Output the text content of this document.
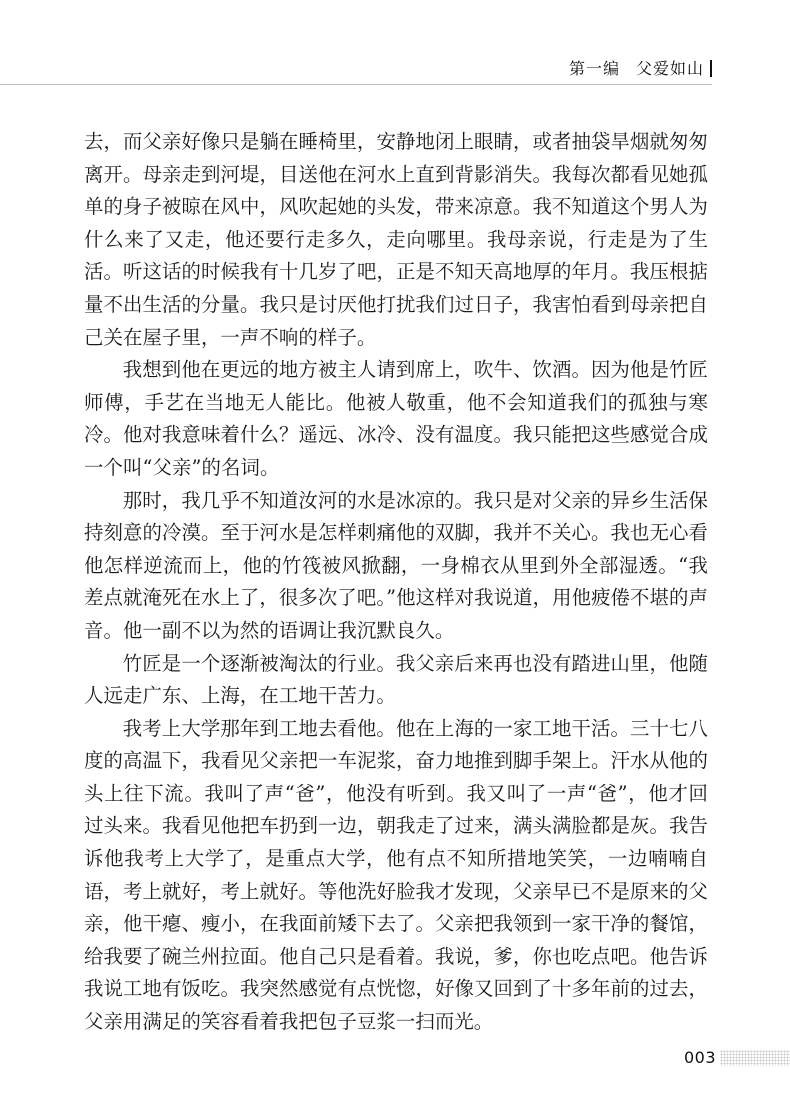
第一编 父爱如山

去，而父亲好像只是躺在睡椅里，安静地闭上眼睛，或者抽袋旱烟就匆匆离开。母亲走到河堤，目送他在河水上直到背影消失。我每次都看见她孤单的身子被晾在风中，风吹起她的头发，带来凉意。我不知道这个男人为什么来了又走，他还要行走多久，走向哪里。我母亲说，行走是为了生活。听这话的时候我有十几岁了吧，正是不知天高地厚的年月。我压根掂量不出生活的分量。我只是讨厌他打扰我们过日子，我害怕看到母亲把自己关在屋子里，一声不响的样子。

我想到他在更远的地方被主人请到席上，吹牛、饮酒。因为他是竹匠师傅，手艺在当地无人能比。他被人敬重，他不会知道我们的孤独与寒冷。他对我意味着什么？遥远、冰冷、没有温度。我只能把这些感觉合成一个叫“父亲”的名词。

那时，我几乎不知道汝河的水是冰凉的。我只是对父亲的异乡生活保持刻意的冷漠。至于河水是怎样刺痛他的双脚，我并不关心。我也无心看他怎样逆流而上，他的竹筏被风掀翻，一身棉衣从里到外全部湿透。“我差点就淹死在水上了，很多次了吧。”他这样对我说道，用他疲倦不堪的声音。他一副不以为然的语调让我沉默良久。

竹匠是一个逐渐被淘汰的行业。我父亲后来再也没有踏进山里，他随人远走广东、上海，在工地干苦力。

我考上大学那年到工地去看他。他在上海的一家工地干活。三十七八度的高温下，我看见父亲把一车泥浆，奋力地推到脚手架上。汗水从他的头上往下流。我叫了声“爸”，他没有听到。我又叫了一声“爸”，他才回过头来。我看见他把车扔到一边，朝我走了过来，满头满脸都是灰。我告诉他我考上大学了，是重点大学，他有点不知所措地笑笑，一边喃喃自语，考上就好，考上就好。等他洗好脸我才发现，父亲早已不是原来的父亲，他干瘪、瘦小，在我面前矮下去了。父亲把我领到一家干净的餐馆，给我要了碗兰州拉面。他自己只是看着。我说，爹，你也吃点吧。他告诉我说工地有饭吃。我突然感觉有点恍惚，好像又回到了十多年前的过去，父亲用满足的笑容看着我把包子豆浆一扫而光。

003
